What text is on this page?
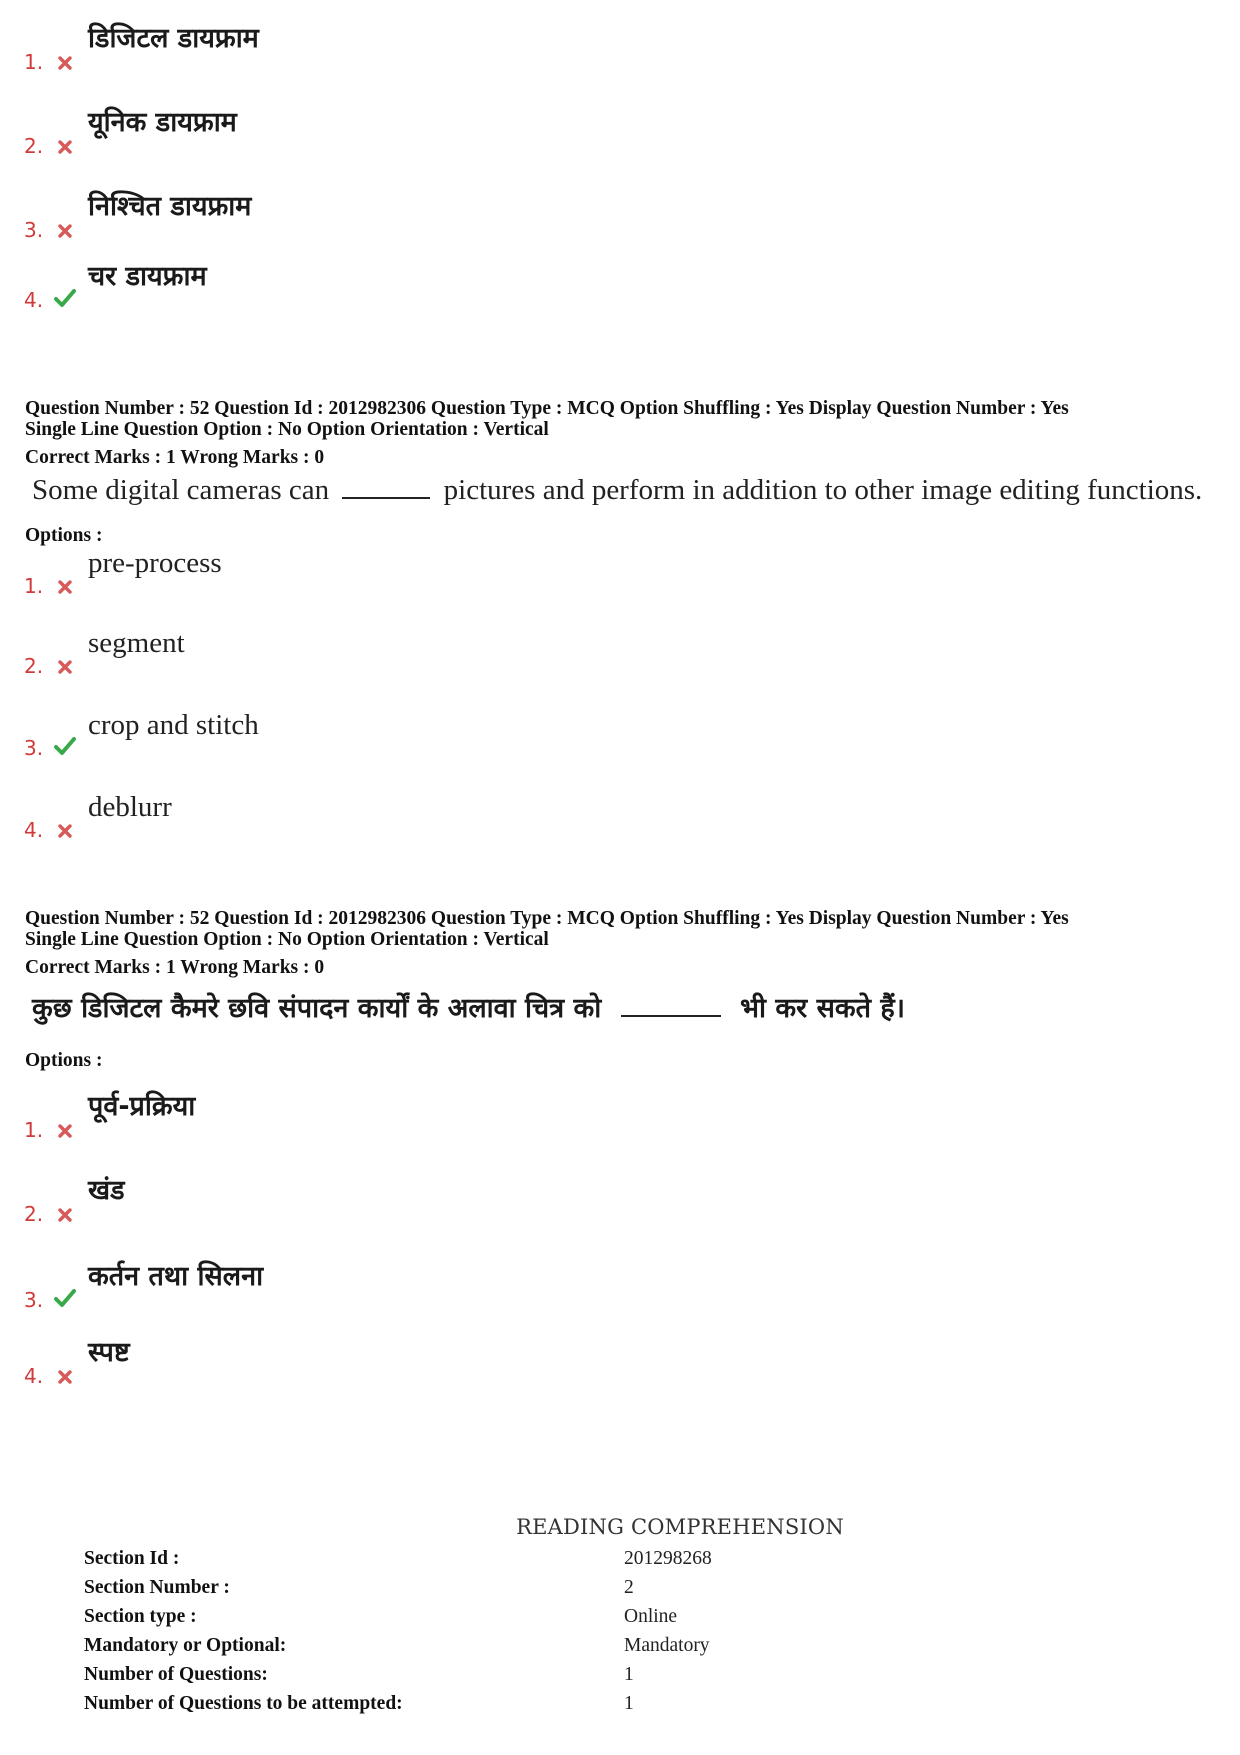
1.
डिजिटल डायफ्राम
2.
यूनिक डायफ्राम
3.
निश्चित डायफ्राम
4.
चर डायफ्राम
Question Number : 52 Question Id : 2012982306 Question Type : MCQ Option Shuffling : Yes Display Question Number : Yes
Single Line Question Option : No Option Orientation : Vertical
Correct Marks : 1 Wrong Marks : 0
Some digital cameras can	pictures and perform in addition to other image editing functions.
Options :
1.
pre-process
2.
segment
3.
crop and stitch
4.
deblurr
Question Number : 52 Question Id : 2012982306 Question Type : MCQ Option Shuffling : Yes Display Question Number : Yes
Single Line Question Option : No Option Orientation : Vertical
Correct Marks : 1 Wrong Marks : 0
कुछ डिजिटल कैमरे छवि संपादन कार्यों के अलावा चित्र को	भी कर सकते हैं।
Options :
1.
पूर्व-प्रक्रिया
2.
खंड
3.
कर्तन तथा सिलना
4.
स्पष्ट
READING COMPREHENSION
Section Id :	201298268
Section Number :	2
Section type :	Online
Mandatory or Optional:	Mandatory
Number of Questions:	1
Number of Questions to be attempted:	1
